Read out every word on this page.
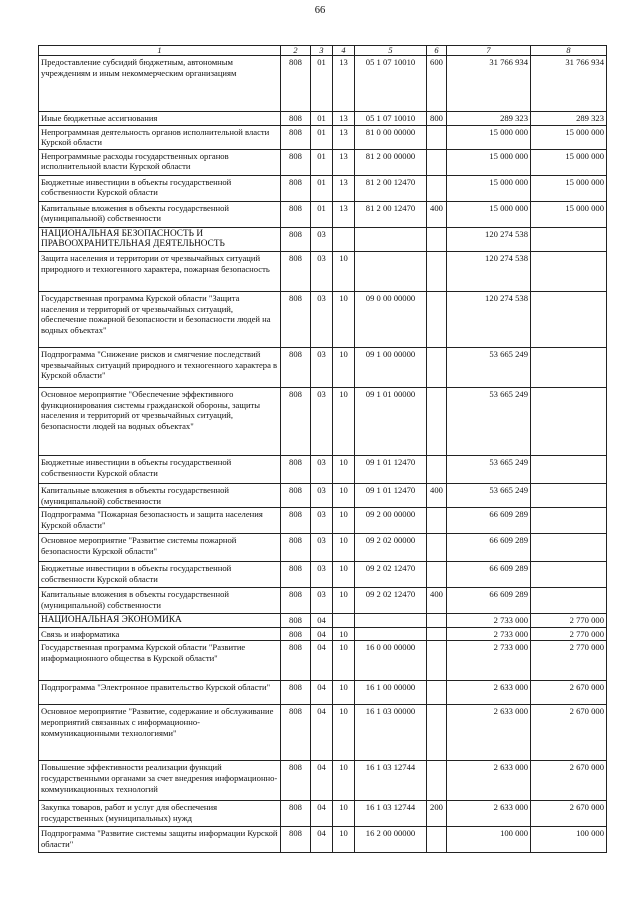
66
1	2	3	4	5	6	7	8
Предоставление субсидий бюджетным, автономным учреждениям и иным некоммерческим организациям	808	01	13	05 1 07 10010	600	31 766 934	31 766 934
Иные бюджетные ассигнования	808	01	13	05 1 07 10010	800	289 323	289 323
Непрограммная деятельность органов исполнительной власти Курской области	808	01	13	81 0 00 00000		15 000 000	15 000 000
Непрограммные расходы государственных органов исполнительной власти Курской области	808	01	13	81 2 00 00000		15 000 000	15 000 000
Бюджетные инвестиции в объекты государственной собственности Курской области	808	01	13	81 2 00 12470		15 000 000	15 000 000
Капитальные вложения в объекты государственной (муниципальной) собственности	808	01	13	81 2 00 12470	400	15 000 000	15 000 000
НАЦИОНАЛЬНАЯ БЕЗОПАСНОСТЬ И ПРАВООХРАНИТЕЛЬНАЯ ДЕЯТЕЛЬНОСТЬ	808	03				120 274 538	
Защита населения и территории от чрезвычайных ситуаций природного и техногенного характера, пожарная безопасность	808	03	10			120 274 538	
Государственная программа Курской области "Защита населения и территорий от чрезвычайных ситуаций, обеспечение пожарной безопасности и безопасности людей на водных объектах"	808	03	10	09 0 00 00000		120 274 538	
Подпрограмма "Снижение рисков и смягчение последствий чрезвычайных ситуаций природного и техногенного характера в Курской области"	808	03	10	09 1 00 00000		53 665 249	
Основное мероприятие "Обеспечение эффективного функционирования системы гражданской обороны, защиты населения и территорий от чрезвычайных ситуаций, безопасности людей на водных объектах"	808	03	10	09 1 01 00000		53 665 249	
Бюджетные инвестиции в объекты государственной собственности Курской области	808	03	10	09 1 01 12470		53 665 249	
Капитальные вложения в объекты государственной (муниципальной) собственности	808	03	10	09 1 01 12470	400	53 665 249	
Подпрограмма "Пожарная безопасность и защита населения Курской области"	808	03	10	09 2 00 00000		66 609 289	
Основное мероприятие "Развитие системы пожарной безопасности Курской области"	808	03	10	09 2 02 00000		66 609 289	
Бюджетные инвестиции в объекты государственной собственности Курской области	808	03	10	09 2 02 12470		66 609 289	
Капитальные вложения в объекты государственной (муниципальной) собственности	808	03	10	09 2 02 12470	400	66 609 289	
НАЦИОНАЛЬНАЯ ЭКОНОМИКА	808	04				2 733 000	2 770 000
Связь и информатика	808	04	10			2 733 000	2 770 000
Государственная программа Курской области "Развитие информационного общества в Курской области"	808	04	10	16 0 00 00000		2 733 000	2 770 000
Подпрограмма "Электронное правительство Курской области"	808	04	10	16 1 00 00000		2 633 000	2 670 000
Основное мероприятие "Развитие, содержание и обслуживание мероприятий связанных с информационно-коммуникационными технологиями"	808	04	10	16 1 03 00000		2 633 000	2 670 000
Повышение эффективности реализации функций государственными органами за счет внедрения информационно-коммуникационных технологий	808	04	10	16 1 03 12744		2 633 000	2 670 000
Закупка товаров, работ и услуг для обеспечения государственных (муниципальных) нужд	808	04	10	16 1 03 12744	200	2 633 000	2 670 000
Подпрограмма "Развитие системы защиты информации Курской области"	808	04	10	16 2 00 00000		100 000	100 000
